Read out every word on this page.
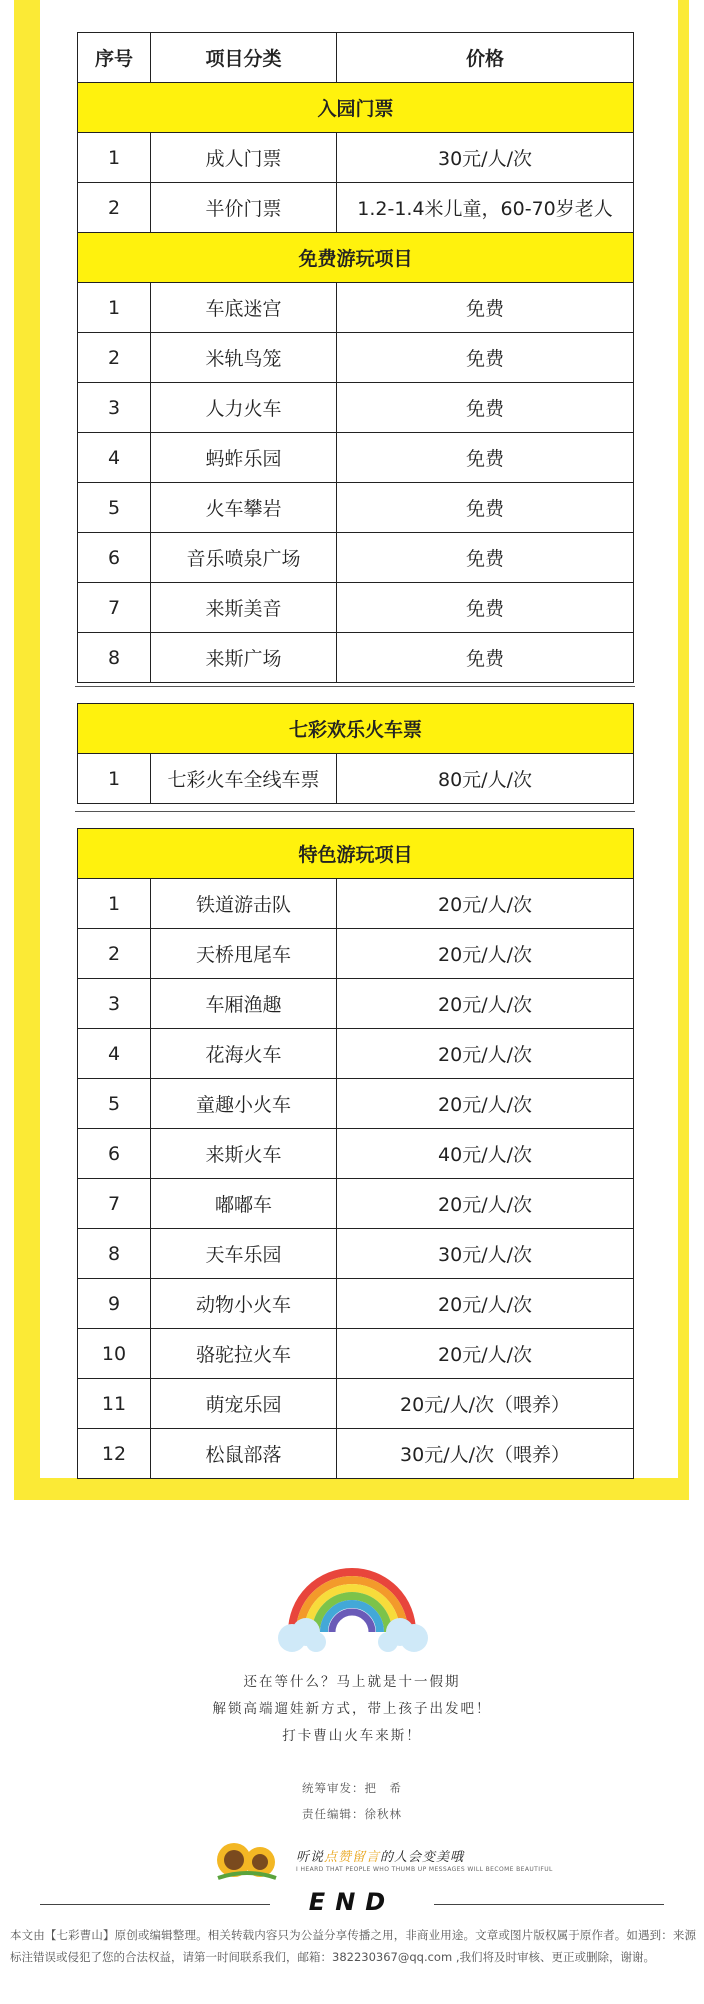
序号	项目分类	价格
入园门票		
1	成人门票	30元/人/次
2	半价门票	1.2-1.4米儿童，60-70岁老人
免费游玩项目		
1	车底迷宫	免费
2	米轨鸟笼	免费
3	人力火车	免费
4	蚂蚱乐园	免费
5	火车攀岩	免费
6	音乐喷泉广场	免费
7	来斯美音	免费
8	来斯广场	免费
七彩欢乐火车票
1	七彩火车全线车票	80元/人/次
特色游玩项目		
1	铁道游击队	20元/人/次
2	天桥甩尾车	20元/人/次
3	车厢渔趣	20元/人/次
4	花海火车	20元/人/次
5	童趣小火车	20元/人/次
6	来斯火车	40元/人/次
7	嘟嘟车	20元/人/次
8	天车乐园	30元/人/次
9	动物小火车	20元/人/次
10	骆驼拉火车	20元/人/次
11	萌宠乐园	20元/人/次（喂养）
12	松鼠部落	30元/人/次（喂养）
还在等什么？马上就是十一假期
解锁高端遛娃新方式，带上孩子出发吧！
打卡曹山火车来斯！
统筹审发：把　希
责任编辑：徐秋林
听说点赞留言的人会变美哦
I HEARD THAT PEOPLE WHO THUMB UP MESSAGES WILL BECOME BEAUTIFUL
END
本文由【七彩曹山】原创或编辑整理。相关转载内容只为公益分享传播之用，非商业用途。文章或图片版权属于原作者。如遇到：来源标注错误或侵犯了您的合法权益，请第一时间联系我们，邮箱：382230367@qq.com ,我们将及时审核、更正或删除，谢谢。
